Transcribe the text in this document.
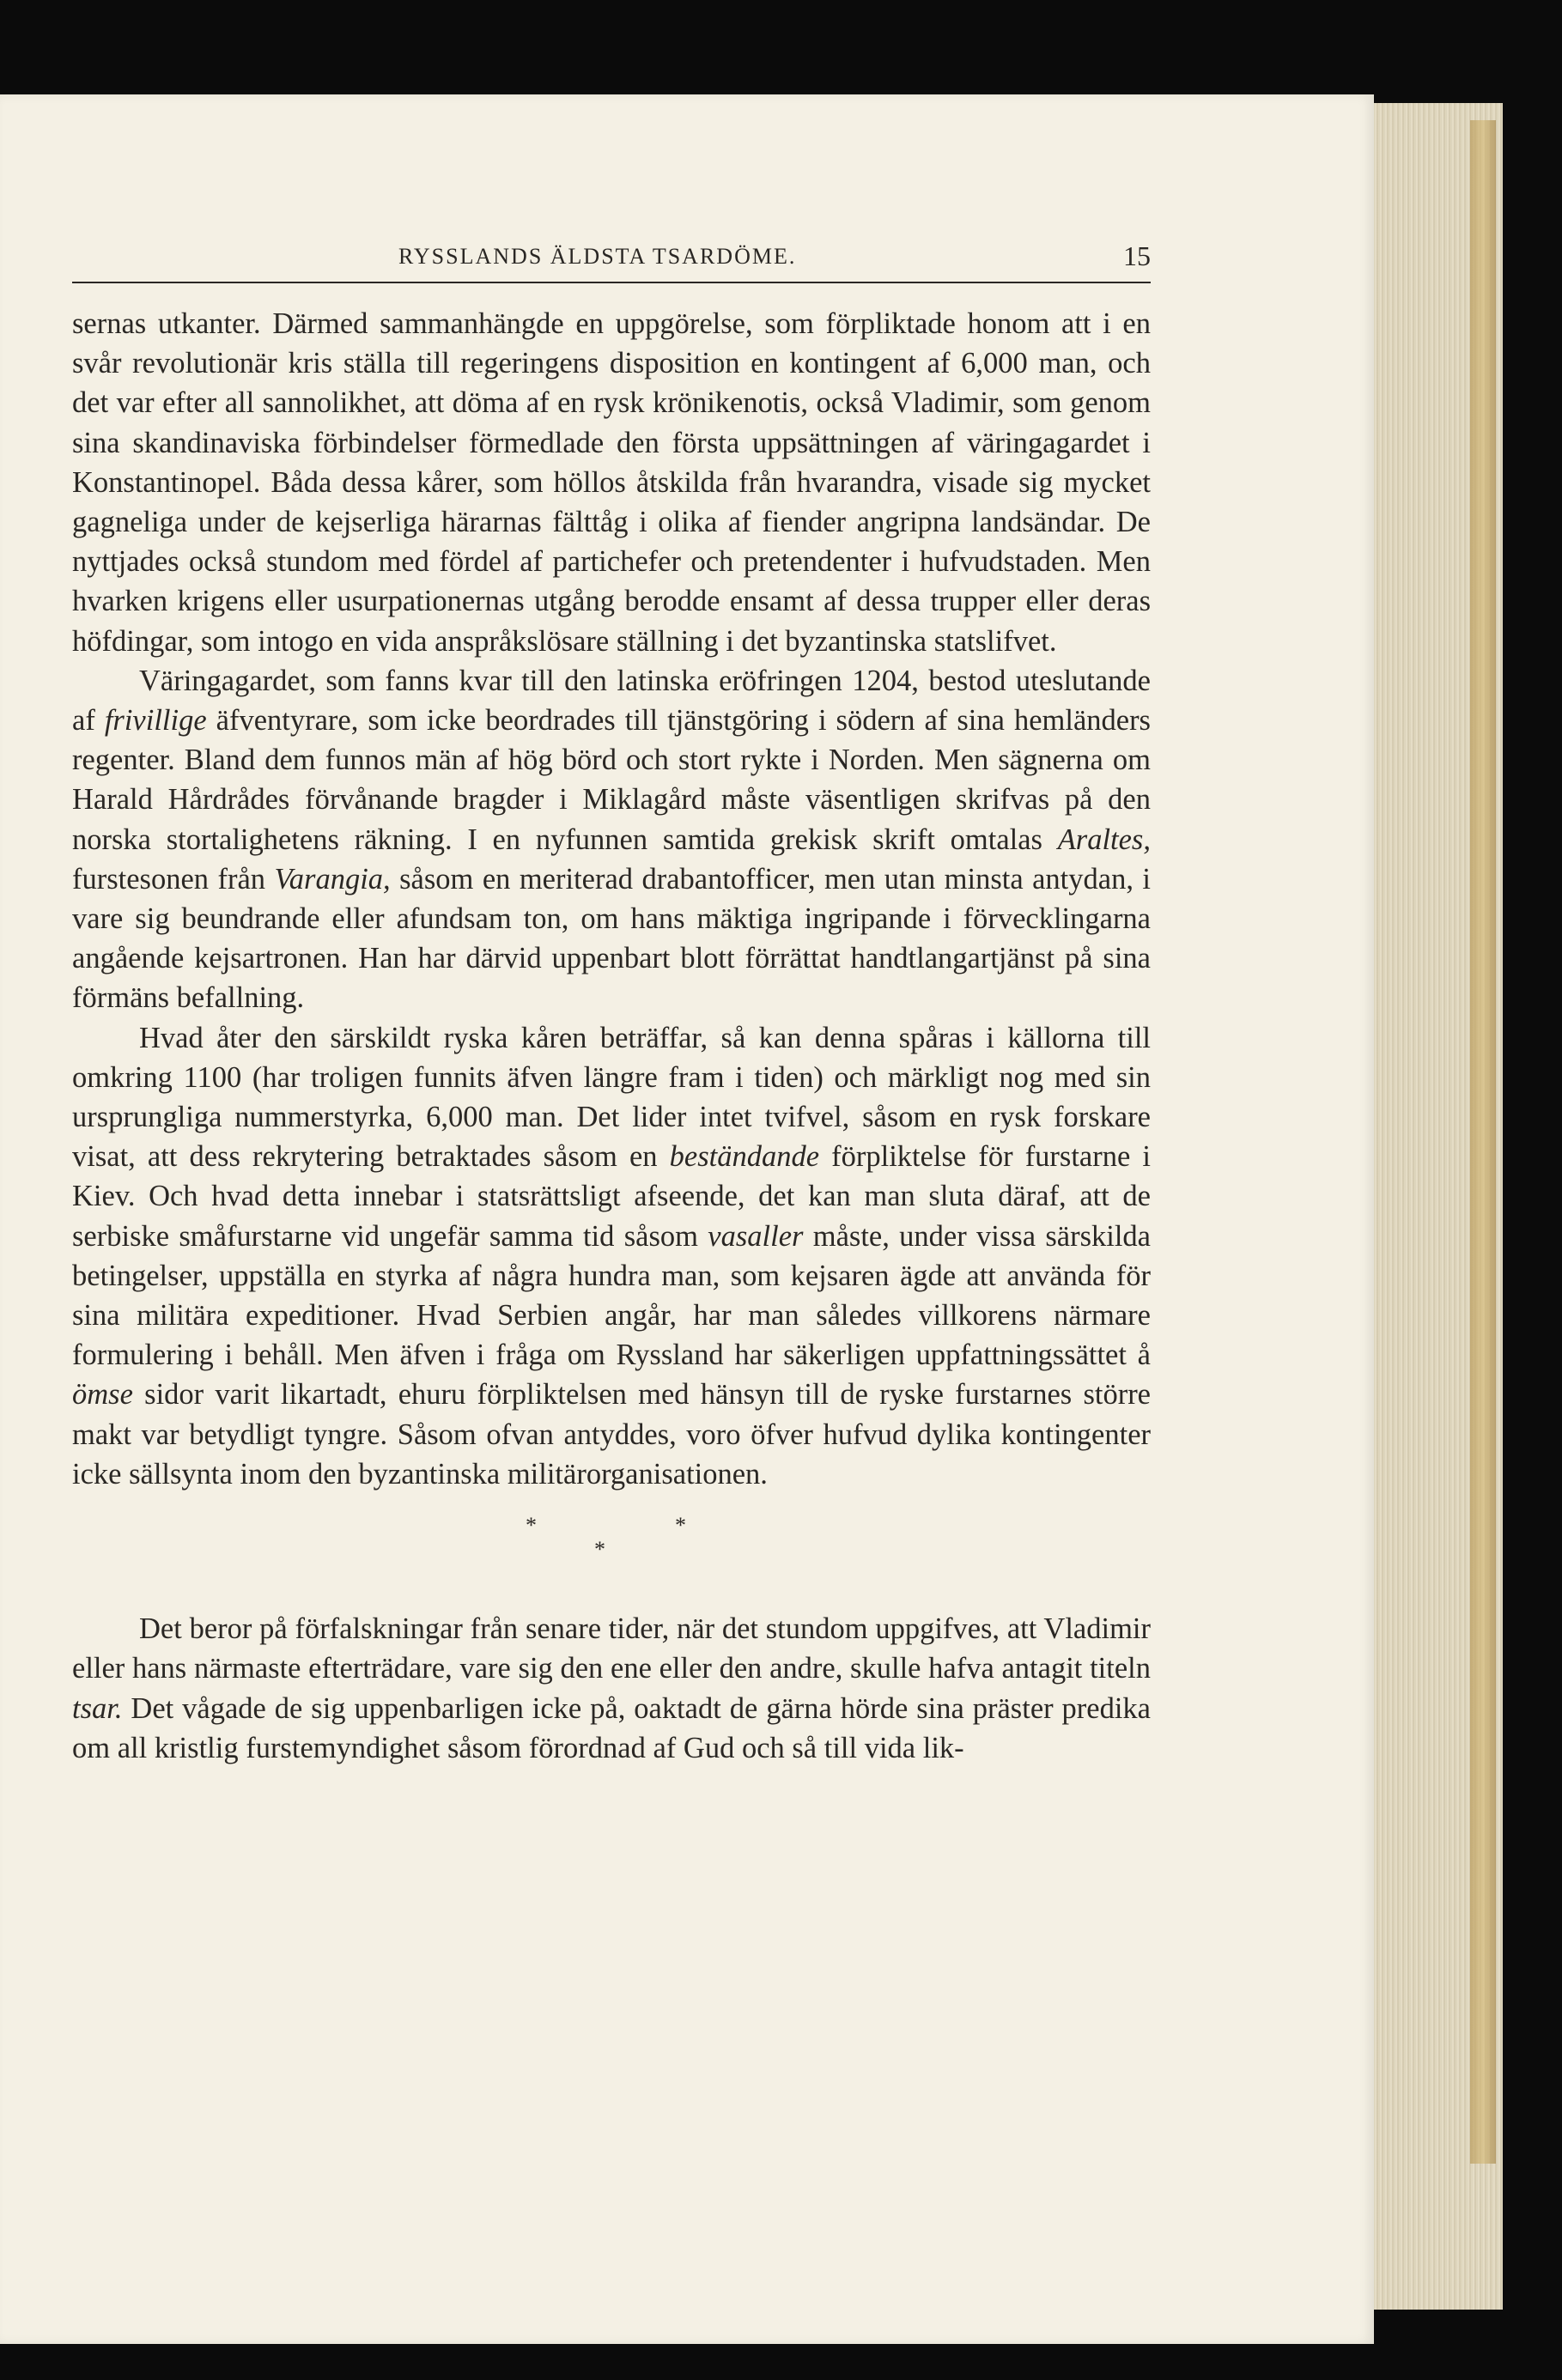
RYSSLANDS ÄLDSTA TSARDÖME.	15

sernas utkanter. Därmed sammanhängde en uppgörelse, som förpliktade honom att i en svår revolutionär kris ställa till regeringens disposition en kontingent af 6,000 man, och det var efter all sannolikhet, att döma af en rysk krönikenotis, också Vladimir, som genom sina skandinaviska förbindelser förmedlade den första uppsättningen af väringagardet i Konstantinopel. Båda dessa kårer, som höllos åtskilda från hvarandra, visade sig mycket gagneliga under de kejserliga härarnas fälttåg i olika af fiender angripna landsändar. De nyttjades också stundom med fördel af partichefer och pretendenter i hufvudstaden. Men hvarken krigens eller usurpationernas utgång berodde ensamt af dessa trupper eller deras höfdingar, som intogo en vida anspråkslösare ställning i det byzantinska statslifvet.

Väringagardet, som fanns kvar till den latinska eröfringen 1204, bestod uteslutande af frivillige äfventyrare, som icke beordrades till tjänstgöring i södern af sina hemländers regenter. Bland dem funnos män af hög börd och stort rykte i Norden. Men sägnerna om Harald Hårdrådes förvånande bragder i Miklagård måste väsentligen skrifvas på den norska stortalighetens räkning. I en nyfunnen samtida grekisk skrift omtalas Araltes, furstesonen från Varangia, såsom en meriterad drabantofficer, men utan minsta antydan, i vare sig beundrande eller afundsam ton, om hans mäktiga ingripande i förvecklingarna angående kejsartronen. Han har därvid uppenbart blott förrättat handtlangartjänst på sina förmäns befallning.

Hvad åter den särskildt ryska kåren beträffar, så kan denna spåras i källorna till omkring 1100 (har troligen funnits äfven längre fram i tiden) och märkligt nog med sin ursprungliga nummerstyrka, 6,000 man. Det lider intet tvifvel, såsom en rysk forskare visat, att dess rekrytering betraktades såsom en beständande förpliktelse för furstarne i Kiev. Och hvad detta innebar i statsrättsligt afseende, det kan man sluta däraf, att de serbiske småfurstarne vid ungefär samma tid såsom vasaller måste, under vissa särskilda betingelser, uppställa en styrka af några hundra man, som kejsaren ägde att använda för sina militära expeditioner. Hvad Serbien angår, har man således villkorens närmare formulering i behåll. Men äfven i fråga om Ryssland har säkerligen uppfattningssättet å ömse sidor varit likartadt, ehuru förpliktelsen med hänsyn till de ryske furstarnes större makt var betydligt tyngre. Såsom ofvan antyddes, voro öfver hufvud dylika kontingenter icke sällsynta inom den byzantinska militärorganisationen.

*
*
*

Det beror på förfalskningar från senare tider, när det stundom uppgifves, att Vladimir eller hans närmaste efterträdare, vare sig den ene eller den andre, skulle hafva antagit titeln tsar. Det vågade de sig uppenbarligen icke på, oaktadt de gärna hörde sina präster predika om all kristlig furstemyndighet såsom förordnad af Gud och så till vida lik-
